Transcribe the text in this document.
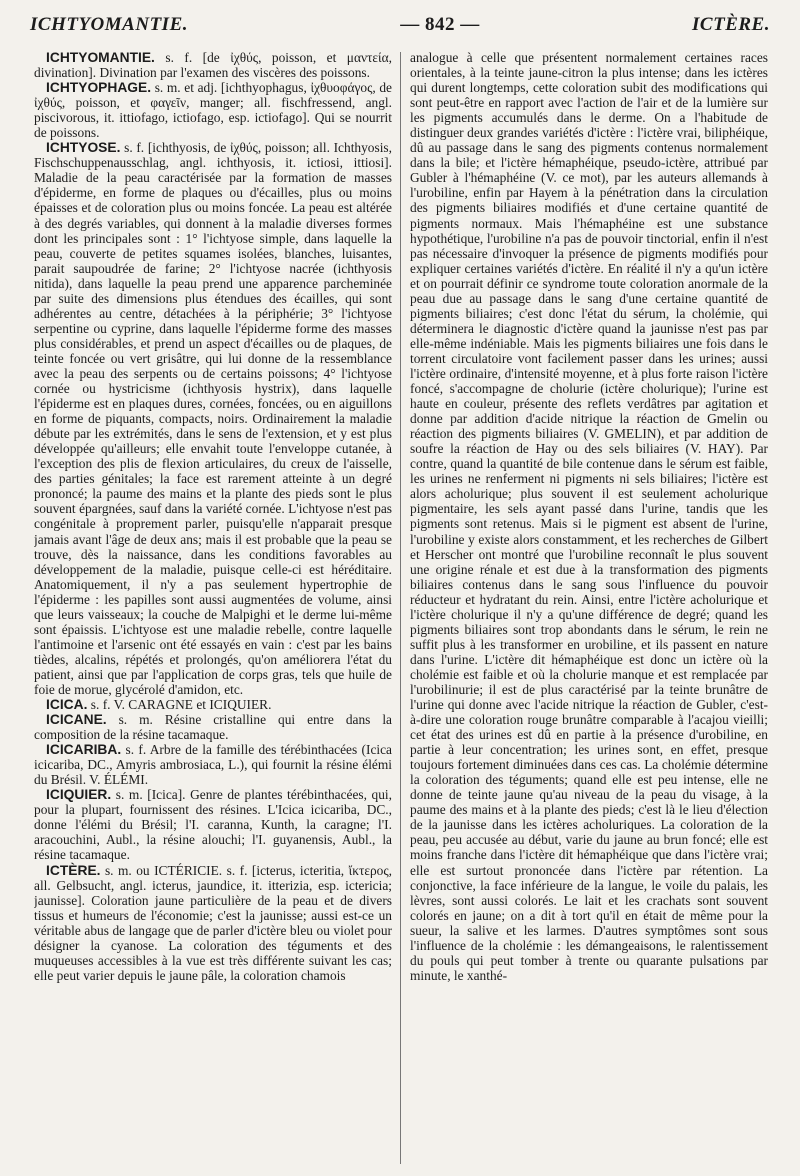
ICHTYOMANTIE.	— 842 —	ICTÈRE.

ICHTYOMANTIE. s. f. [de ἰχθύς, poisson, et μαντεία, divination]. Divination par l'examen des viscères des poissons.

ICHTYOPHAGE. s. m. et adj. [ichthyophagus, ἰχθυοφάγος, de ἰχθύς, poisson, et φαγεῖν, manger; all. fischfressend, angl. piscivorous, it. ittiofago, ictiofago, esp. ictiofago]. Qui se nourrit de poissons.

ICHTYOSE. s. f. [ichthyosis, de ἰχθύς, poisson; all. Ichthyosis, Fischschuppenausschlag, angl. ichthyosis, it. ictiosi, ittiosi]. Maladie de la peau caractérisée par la formation de masses d'épiderme, en forme de plaques ou d'écailles, plus ou moins épaisses et de coloration plus ou moins foncée. La peau est altérée à des degrés variables, qui donnent à la maladie diverses formes dont les principales sont : 1° l'ichtyose simple, dans laquelle la peau, couverte de petites squames isolées, blanches, luisantes, parait saupoudrée de farine; 2° l'ichtyose nacrée (ichthyosis nitida), dans laquelle la peau prend une apparence parcheminée par suite des dimensions plus étendues des écailles, qui sont adhérentes au centre, détachées à la périphérie; 3° l'ichtyose serpentine ou cyprine, dans laquelle l'épiderme forme des masses plus considérables, et prend un aspect d'écailles ou de plaques, de teinte foncée ou vert grisâtre, qui lui donne de la ressemblance avec la peau des serpents ou de certains poissons; 4° l'ichtyose cornée ou hystricisme (ichthyosis hystrix), dans laquelle l'épiderme est en plaques dures, cornées, foncées, ou en aiguillons en forme de piquants, compacts, noirs. Ordinairement la maladie débute par les extrémités, dans le sens de l'extension, et y est plus développée qu'ailleurs; elle envahit toute l'enveloppe cutanée, à l'exception des plis de flexion articulaires, du creux de l'aisselle, des parties génitales; la face est rarement atteinte à un degré prononcé; la paume des mains et la plante des pieds sont le plus souvent épargnées, sauf dans la variété cornée. L'ichtyose n'est pas congénitale à proprement parler, puisqu'elle n'apparait presque jamais avant l'âge de deux ans; mais il est probable que la peau se trouve, dès la naissance, dans les conditions favorables au développement de la maladie, puisque celle-ci est héréditaire. Anatomiquement, il n'y a pas seulement hypertrophie de l'épiderme : les papilles sont aussi augmentées de volume, ainsi que leurs vaisseaux; la couche de Malpighi et le derme lui-même sont épaissis. L'ichtyose est une maladie rebelle, contre laquelle l'antimoine et l'arsenic ont été essayés en vain : c'est par les bains tièdes, alcalins, répétés et prolongés, qu'on améliorera l'état du patient, ainsi que par l'application de corps gras, tels que huile de foie de morue, glycérolé d'amidon, etc.

ICICA. s. f. V. CARAGNE et ICIQUIER.

ICICANE. s. m. Résine cristalline qui entre dans la composition de la résine tacamaque.

ICICARIBA. s. f. Arbre de la famille des térébinthacées (Icica icicariba, DC., Amyris ambrosiaca, L.), qui fournit la résine élémi du Brésil. V. ÉLÉMI.

ICIQUIER. s. m. [Icica]. Genre de plantes térébinthacées, qui, pour la plupart, fournissent des résines. L'Icica icicariba, DC., donne l'élémi du Brésil; l'I. caranna, Kunth, la caragne; l'I. aracouchini, Aubl., la résine alouchi; l'I. guyanensis, Aubl., la résine tacamaque.

ICTÈRE. s. m. ou ICTÉRICIE. s. f. [icterus, icteritia, ἴκτερος, all. Gelbsucht, angl. icterus, jaundice, it. itterizia, esp. ictericia; jaunisse]. Coloration jaune particulière de la peau et de divers tissus et humeurs de l'économie; c'est la jaunisse; aussi est-ce un véritable abus de langage que de parler d'ictère bleu ou violet pour désigner la cyanose. La coloration des téguments et des muqueuses accessibles à la vue est très différente suivant les cas; elle peut varier depuis le jaune pâle, la coloration chamois

analogue à celle que présentent normalement certaines races orientales, à la teinte jaune-citron la plus intense; dans les ictères qui durent longtemps, cette coloration subit des modifications qui sont peut-être en rapport avec l'action de l'air et de la lumière sur les pigments accumulés dans le derme. On a l'habitude de distinguer deux grandes variétés d'ictère : l'ictère vrai, biliphéique, dû au passage dans le sang des pigments contenus normalement dans la bile; et l'ictère hémaphéique, pseudo-ictère, attribué par Gubler à l'hémaphéine (V. ce mot), par les auteurs allemands à l'urobiline, enfin par Hayem à la pénétration dans la circulation des pigments biliaires modifiés et d'une certaine quantité de pigments normaux. Mais l'hémaphéine est une substance hypothétique, l'urobiline n'a pas de pouvoir tinctorial, enfin il n'est pas nécessaire d'invoquer la présence de pigments modifiés pour expliquer certaines variétés d'ictère. En réalité il n'y a qu'un ictère et on pourrait définir ce syndrome toute coloration anormale de la peau due au passage dans le sang d'une certaine quantité de pigments biliaires; c'est donc l'état du sérum, la cholémie, qui déterminera le diagnostic d'ictère quand la jaunisse n'est pas par elle-même indéniable. Mais les pigments biliaires une fois dans le torrent circulatoire vont facilement passer dans les urines; aussi l'ictère ordinaire, d'intensité moyenne, et à plus forte raison l'ictère foncé, s'accompagne de cholurie (ictère cholurique); l'urine est haute en couleur, présente des reflets verdâtres par agitation et donne par addition d'acide nitrique la réaction de Gmelin ou réaction des pigments biliaires (V. GMELIN), et par addition de soufre la réaction de Hay ou des sels biliaires (V. HAY). Par contre, quand la quantité de bile contenue dans le sérum est faible, les urines ne renferment ni pigments ni sels biliaires; l'ictère est alors acholurique; plus souvent il est seulement acholurique pigmentaire, les sels ayant passé dans l'urine, tandis que les pigments sont retenus. Mais si le pigment est absent de l'urine, l'urobiline y existe alors constamment, et les recherches de Gilbert et Herscher ont montré que l'urobiline reconnaît le plus souvent une origine rénale et est due à la transformation des pigments biliaires contenus dans le sang sous l'influence du pouvoir réducteur et hydratant du rein. Ainsi, entre l'ictère acholurique et l'ictère cholurique il n'y a qu'une différence de degré; quand les pigments biliaires sont trop abondants dans le sérum, le rein ne suffit plus à les transformer en urobiline, et ils passent en nature dans l'urine. L'ictère dit hémaphéique est donc un ictère où la cholémie est faible et où la cholurie manque et est remplacée par l'urobilinurie; il est de plus caractérisé par la teinte brunâtre de l'urine qui donne avec l'acide nitrique la réaction de Gubler, c'est-à-dire une coloration rouge brunâtre comparable à l'acajou vieilli; cet état des urines est dû en partie à la présence d'urobiline, en partie à leur concentration; les urines sont, en effet, presque toujours fortement diminuées dans ces cas. La cholémie détermine la coloration des téguments; quand elle est peu intense, elle ne donne de teinte jaune qu'au niveau de la peau du visage, à la paume des mains et à la plante des pieds; c'est là le lieu d'élection de la jaunisse dans les ictères acholuriques. La coloration de la peau, peu accusée au début, varie du jaune au brun foncé; elle est moins franche dans l'ictère dit hémaphéique que dans l'ictère vrai; elle est surtout prononcée dans l'ictère par rétention. La conjonctive, la face inférieure de la langue, le voile du palais, les lèvres, sont aussi colorés. Le lait et les crachats sont souvent colorés en jaune; on a dit à tort qu'il en était de même pour la sueur, la salive et les larmes. D'autres symptômes sont sous l'influence de la cholémie : les démangeaisons, le ralentissement du pouls qui peut tomber à trente ou quarante pulsations par minute, le xanthé-
